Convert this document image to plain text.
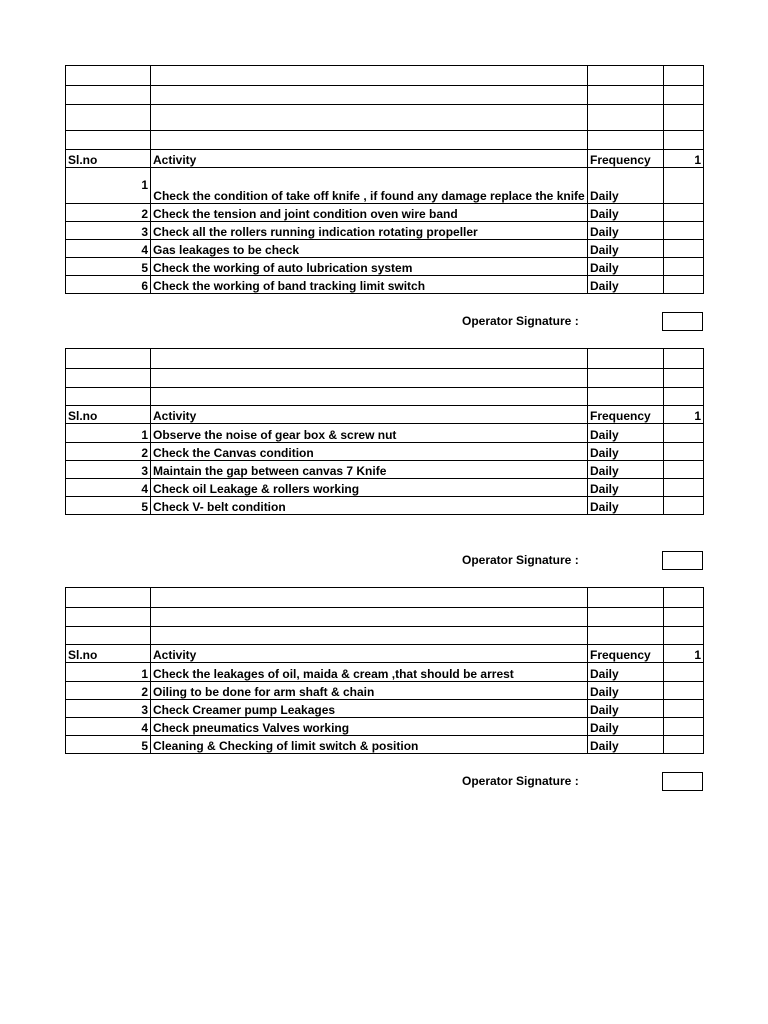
Sl.no	Activity	Frequency	1
1	Check the condition of take off knife , if found any damage replace the knife	Daily	
2	Check the tension and joint condition oven wire band	Daily	
3	Check all the rollers running indication rotating propeller	Daily	
4	Gas leakages to be check	Daily	
5	Check the working of auto lubrication system	Daily	
6	Check the working of band tracking limit switch	Daily	
Operator Signature :

Sl.no	Activity	Frequency	1
1	Observe the noise of gear box & screw nut	Daily	
2	Check the Canvas condition	Daily	
3	Maintain the gap between canvas 7 Knife	Daily	
4	Check oil Leakage & rollers working	Daily	
5	Check V- belt condition	Daily	
Operator Signature :

Sl.no	Activity	Frequency	1
1	Check the leakages of oil, maida & cream ,that should be arrest	Daily	
2	Oiling to be done for arm shaft & chain	Daily	
3	Check Creamer pump Leakages	Daily	
4	Check pneumatics Valves working	Daily	
5	Cleaning & Checking of limit switch & position	Daily	
Operator Signature :
